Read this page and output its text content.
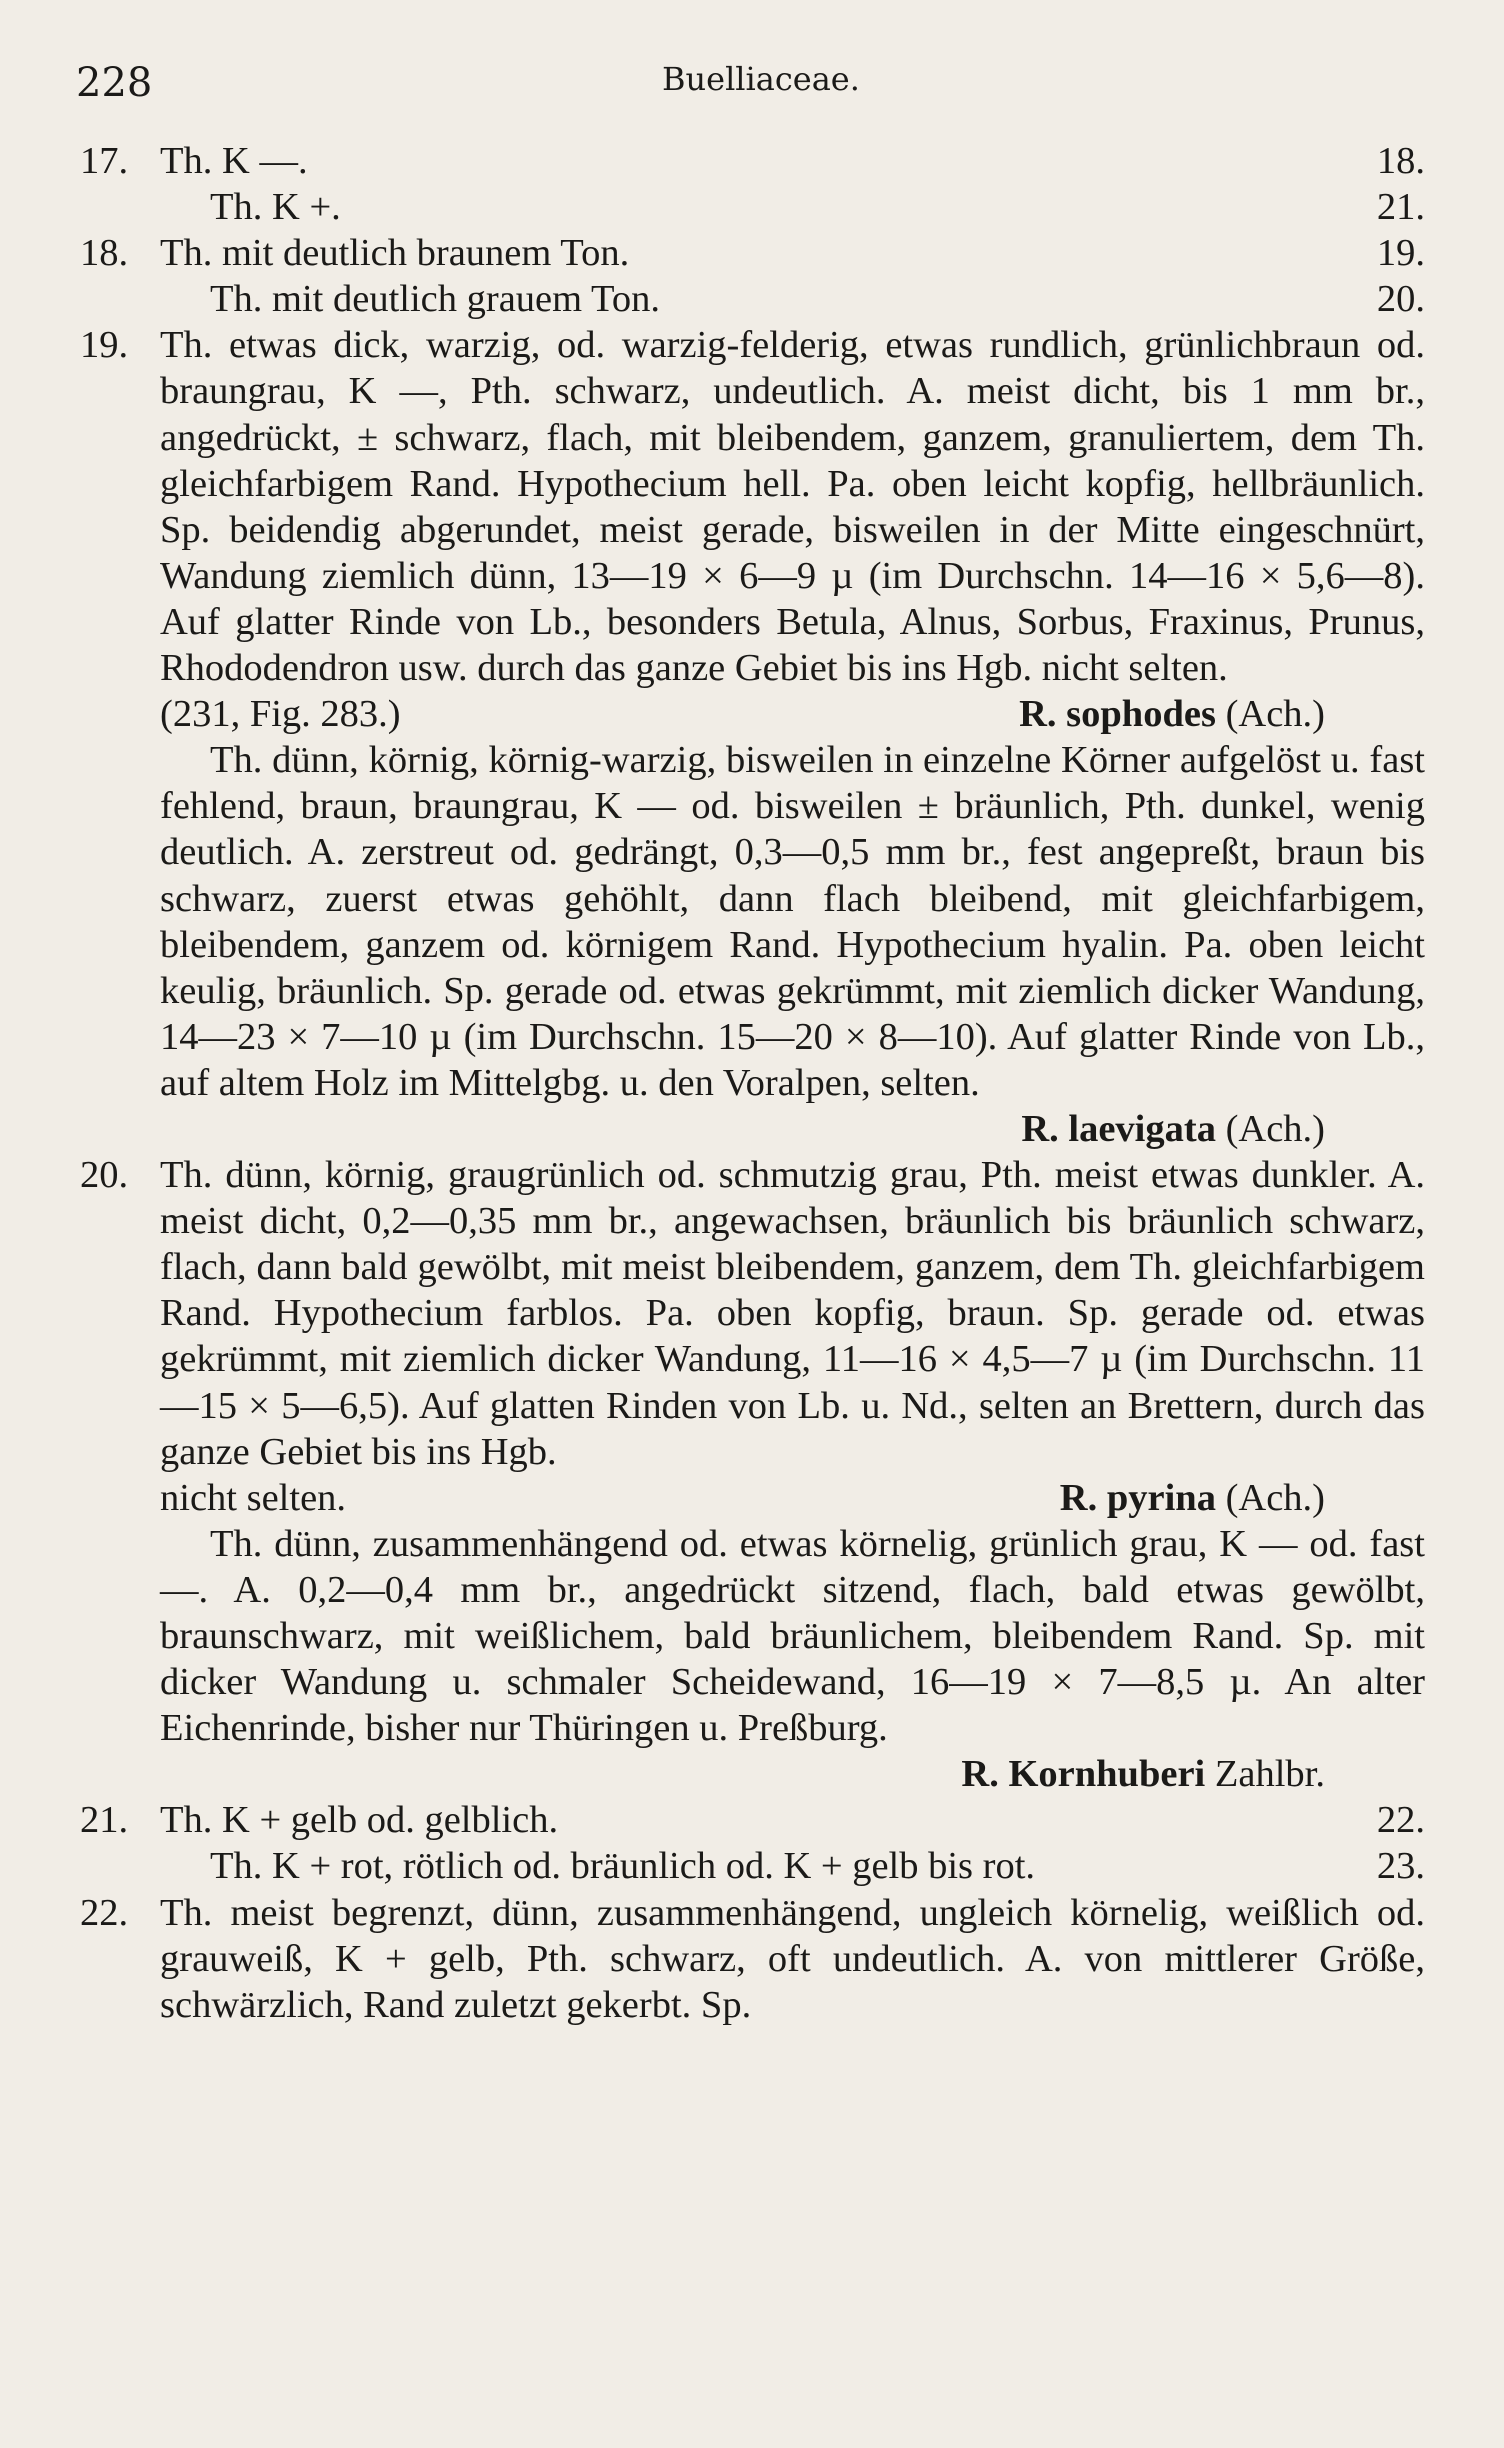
228	Buelliaceae.
17. Th. K —.	18.
Th. K +.	21.
18. Th. mit deutlich braunem Ton.	19.
Th. mit deutlich grauem Ton.	20.
19. Th. etwas dick, warzig, od. warzig-felderig, etwas rundlich, grünlichbraun od. braungrau, K —, Pth. schwarz, undeutlich. A. meist dicht, bis 1 mm br., angedrückt, ± schwarz, flach, mit bleibendem, ganzem, granuliertem, dem Th. gleichfarbigem Rand. Hypothecium hell. Pa. oben leicht kopfig, hellbräunlich. Sp. beidendig abgerundet, meist gerade, bisweilen in der Mitte eingeschnürt, Wandung ziemlich dünn, 13—19 × 6—9 µ (im Durchschn. 14—16 × 5,6—8). Auf glatter Rinde von Lb., besonders Betula, Alnus, Sorbus, Fraxinus, Prunus, Rhododendron usw. durch das ganze Gebiet bis ins Hgb. nicht selten.

(231, Fig. 283.)	R. sophodes (Ach.)

Th. dünn, körnig, körnig-warzig, bisweilen in einzelne Körner aufgelöst u. fast fehlend, braun, braungrau, K — od. bisweilen ± bräunlich, Pth. dunkel, wenig deutlich. A. zerstreut od. gedrängt, 0,3—0,5 mm br., fest angepreßt, braun bis schwarz, zuerst etwas gehöhlt, dann flach bleibend, mit gleichfarbigem, bleibendem, ganzem od. körnigem Rand. Hypothecium hyalin. Pa. oben leicht keulig, bräunlich. Sp. gerade od. etwas gekrümmt, mit ziemlich dicker Wandung, 14—23 × 7—10 µ (im Durchschn. 15—20 × 8—10). Auf glatter Rinde von Lb., auf altem Holz im Mittelgbg. u. den Voralpen, selten.

R. laevigata (Ach.)
20. Th. dünn, körnig, graugrünlich od. schmutzig grau, Pth. meist etwas dunkler. A. meist dicht, 0,2—0,35 mm br., angewachsen, bräunlich bis bräunlich schwarz, flach, dann bald gewölbt, mit meist bleibendem, ganzem, dem Th. gleichfarbigem Rand. Hypothecium farblos. Pa. oben kopfig, braun. Sp. gerade od. etwas gekrümmt, mit ziemlich dicker Wandung, 11—16 × 4,5—7 µ (im Durchschn. 11—15 × 5—6,5). Auf glatten Rinden von Lb. u. Nd., selten an Brettern, durch das ganze Gebiet bis ins Hgb.

nicht selten.	R. pyrina (Ach.)

Th. dünn, zusammenhängend od. etwas körnelig, grünlich grau, K — od. fast —. A. 0,2—0,4 mm br., angedrückt sitzend, flach, bald etwas gewölbt, braunschwarz, mit weißlichem, bald bräunlichem, bleibendem Rand. Sp. mit dicker Wandung u. schmaler Scheidewand, 16—19 × 7—8,5 µ. An alter Eichenrinde, bisher nur Thüringen u. Preßburg.

R. Kornhuberi Zahlbr.
21. Th. K + gelb od. gelblich.	22.
Th. K + rot, rötlich od. bräunlich od. K + gelb bis rot.	23.
22. Th. meist begrenzt, dünn, zusammenhängend, ungleich körnelig, weißlich od. grauweiß, K + gelb, Pth. schwarz, oft undeutlich. A. von mittlerer Größe, schwärzlich, Rand zuletzt gekerbt. Sp.
